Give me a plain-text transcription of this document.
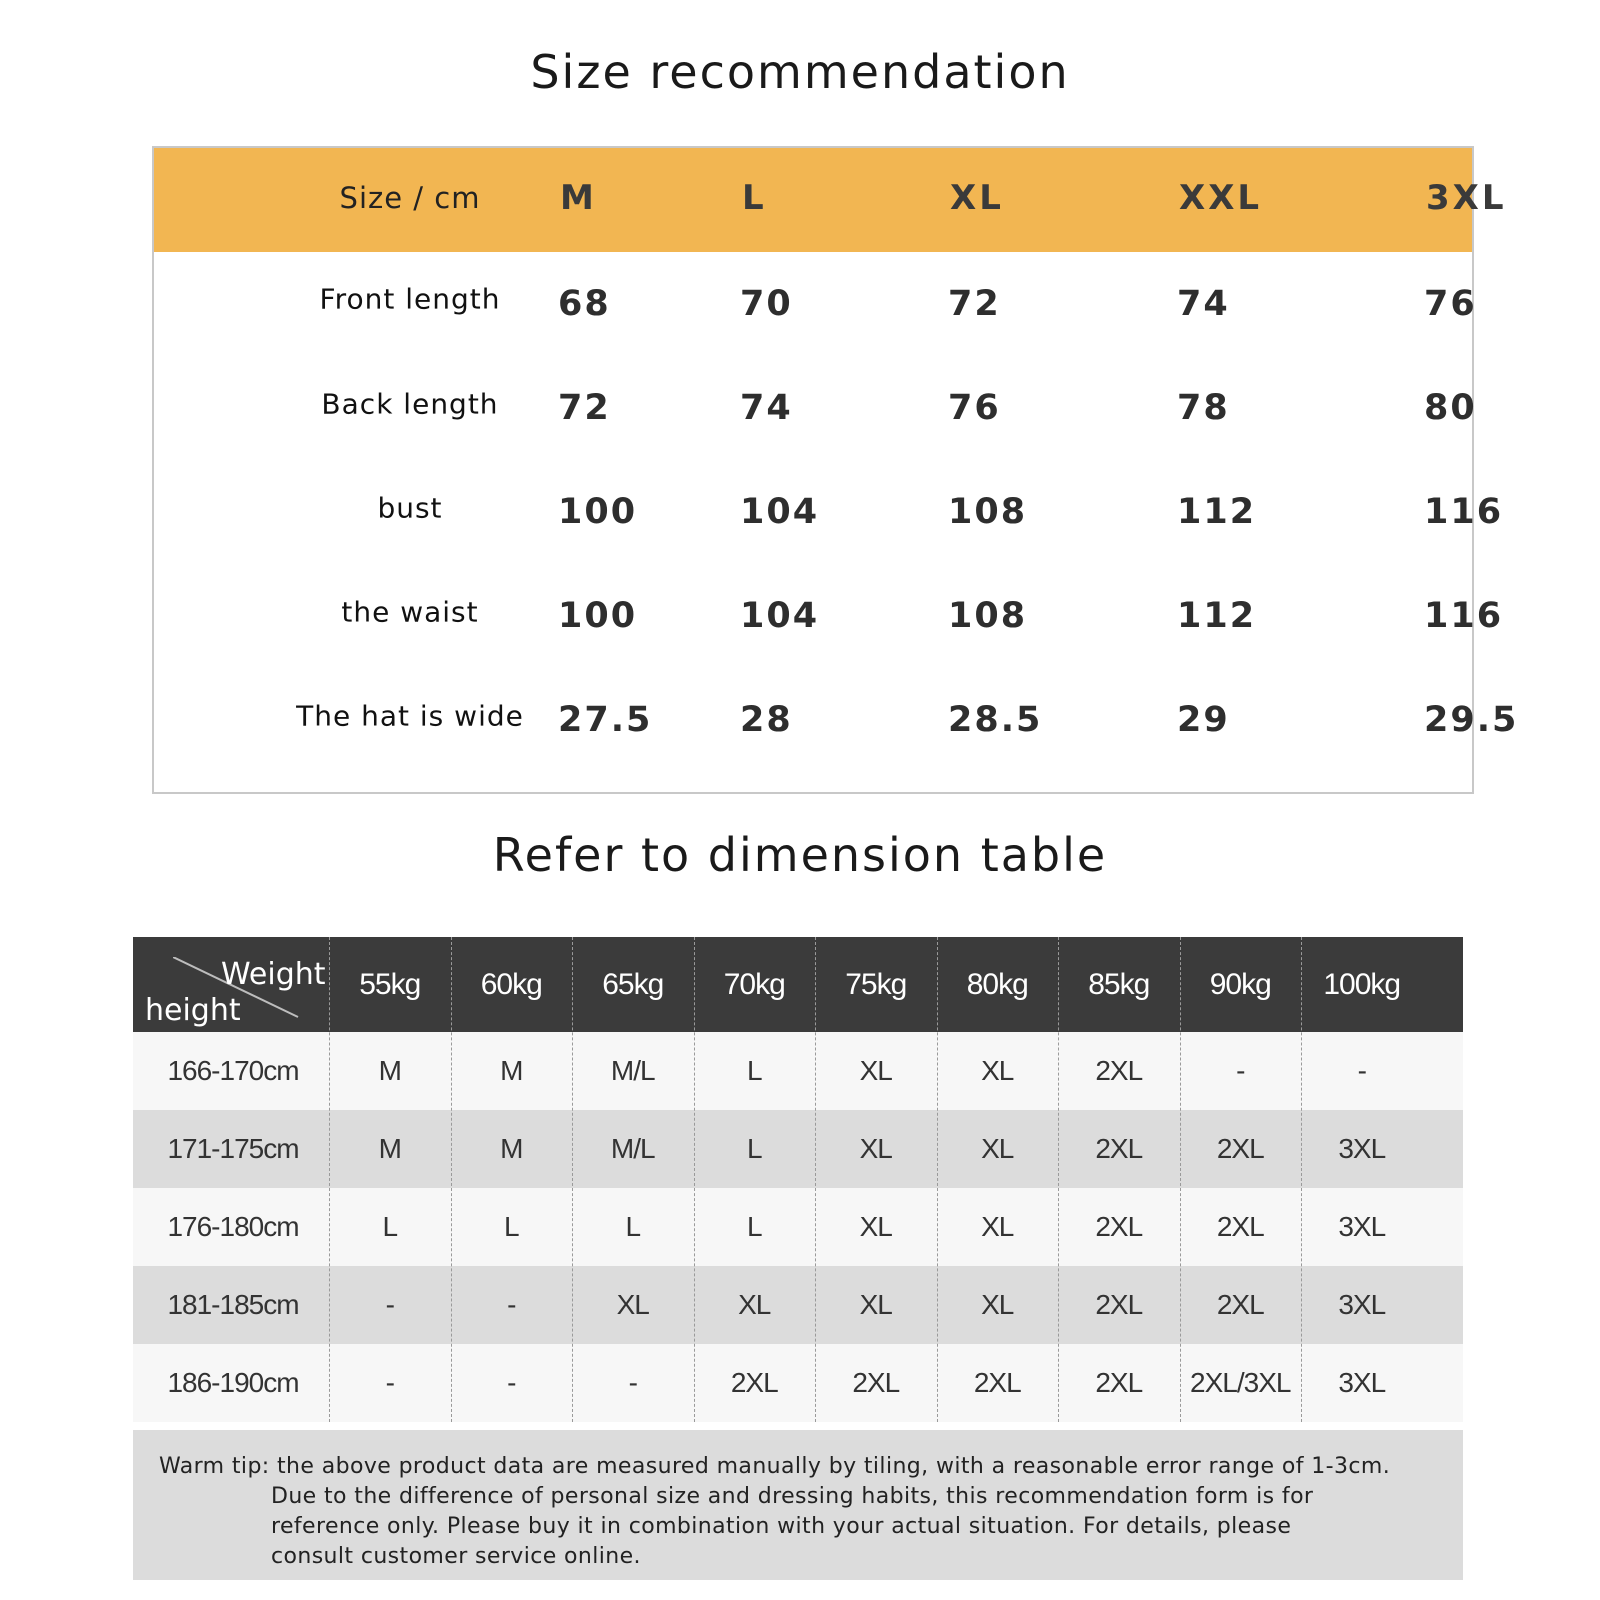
Size recommendation
Size / cm M	L	XL	XXL	3XL
Front length 68	70	72	74	76
Back length 72	74	76	78	80
bust	100	104	108	112	116
the waist 100	104	108	112	116
The hat is wide 27.5	28	28.5	29	29.5
Refer to dimension table
Weight
height
55kg 60kg 65kg 70kg 75kg 80kg 85kg 90kg 100kg
166-170cm	M	M	M/L	L	XL	XL	2XL	-	-
171-175cm	M	M	M/L	L	XL	XL	2XL	2XL	3XL
176-180cm	L	L	L	L	XL	XL	2XL	2XL	3XL
181-185cm	-	-	XL	XL	XL	XL	2XL	2XL	3XL
186-190cm	-	-	-	2XL	2XL	2XL	2XL 2XL/3XL 3XL
Warm tip: the above product data are measured manually by tiling, with a reasonable error range of 1-3cm.
Due to the difference of personal size and dressing habits, this recommendation form is for
reference only. Please buy it in combination with your actual situation. For details, please
consult customer service online.
